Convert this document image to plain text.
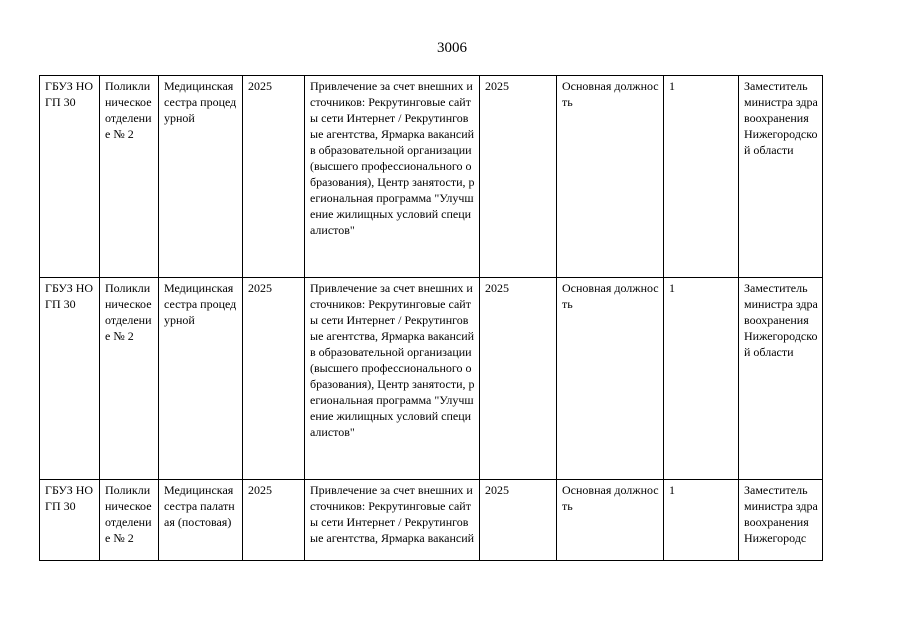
3006
ГБУЗ НО ГП 30	Поликлиническое отделение № 2	Медицинская сестра процедурной	2025	Привлечение за счет внешних источников: Рекрутинговые сайты сети Интернет / Рекрутинговые агентства, Ярмарка вакансий в образовательной организации (высшего профессионального образования), Центр занятости, региональная программа "Улучшение жилищных условий специалистов"	2025	Основная должность	1	Заместитель министра здравоохранения Нижегородской области
ГБУЗ НО ГП 30	Поликлиническое отделение № 2	Медицинская сестра процедурной	2025	Привлечение за счет внешних источников: Рекрутинговые сайты сети Интернет / Рекрутинговые агентства, Ярмарка вакансий в образовательной организации (высшего профессионального образования), Центр занятости, региональная программа "Улучшение жилищных условий специалистов"	2025	Основная должность	1	Заместитель министра здравоохранения Нижегородской области
ГБУЗ НО ГП 30	Поликлиническое отделение № 2	Медицинская сестра палатная (постовая)	2025	Привлечение за счет внешних источников: Рекрутинговые сайты сети Интернет / Рекрутинговые агентства, Ярмарка вакансий	2025	Основная должность	1	Заместитель министра здравоохранения Нижегородс
